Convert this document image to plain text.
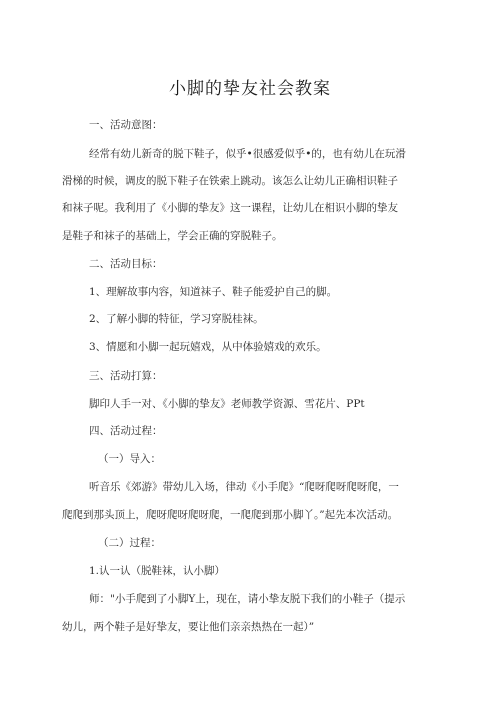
小脚的挚友社会教案
一、活动意图：
经常有幼儿新奇的脱下鞋子，似乎•很感爱似乎•的，也有幼儿在玩滑
滑梯的时候，调皮的脱下鞋子在铁索上跳动。该怎么让幼儿正确相识鞋子
和袜子呢。我利用了《小脚的挚友》这一课程，让幼儿在相识小脚的挚友
是鞋子和袜子的基础上，学会正确的穿脱鞋子。
二、活动目标：
1、理解故事内容，知道袜子、鞋子能爱护自己的脚。
2、了解小脚的特征，学习穿脱桂袜。
3、情愿和小脚一起玩嬉戏，从中体验嬉戏的欢乐。
三、活动打算：
脚印人手一对、《小脚的挚友》老师教学资源、雪花片、PPt
四、活动过程：
（一）导入：
听音乐《郊游》带幼儿入场，律动《小手爬》“爬呀爬呀爬呀爬，一
爬爬到那头顶上，爬呀爬呀爬呀爬，一爬爬到那小脚丫。”起先本次活动。
（二）过程：
1.认一认（脱鞋袜，认小脚）
师："小手爬到了小脚Y上，现在，请小挚友脱下我们的小鞋子（提示
幼儿，两个鞋子是好挚友，要让他们亲亲热热在一起）”
